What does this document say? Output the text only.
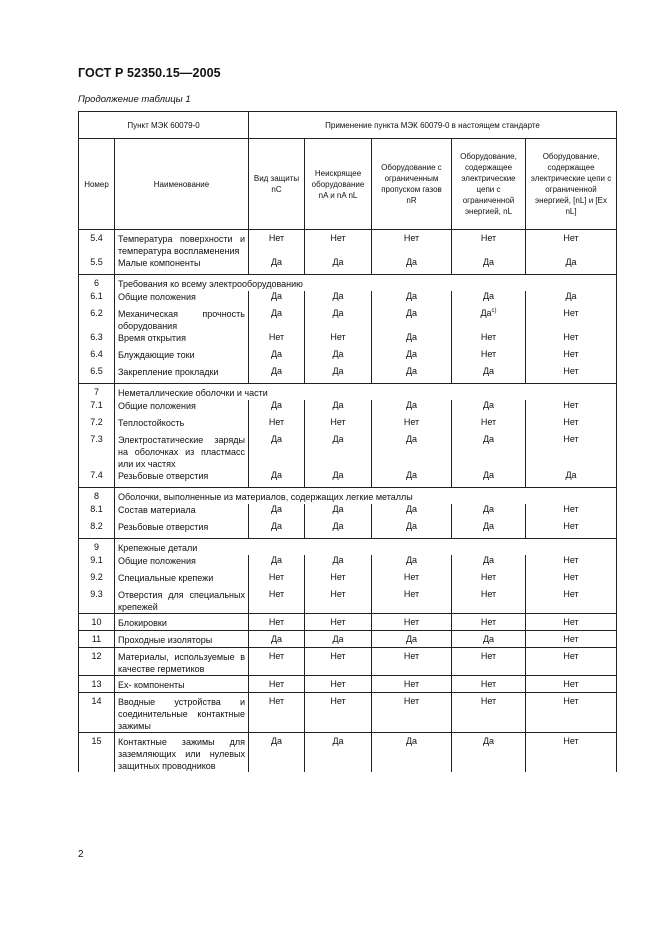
ГОСТ Р 52350.15—2005
Продолжение таблицы 1
Пункт МЭК 60079-0		Применение пункта МЭК 60079-0 в настоящем стандарте				
Номер	Наименование	Вид защиты nC	Неискрящее оборудование nA и nA nL	Оборудование с ограниченным пропуском газов nR	Оборудование, содержащее электрические цепи с ограниченной энергией, nL	Оборудование, содержащее электрические цепи с ограниченной энергией, [nL] и [Ex nL]
5.4	Температура поверхности и температура воспламенения	Нет	Нет	Нет	Нет	Нет
5.5	Малые компоненты	Да	Да	Да	Да	Да
6	Требования ко всему электрооборудованию					
6.1	Общие положения	Да	Да	Да	Да	Да
6.2	Механическая прочность оборудования	Да	Да	Да	$Да^{c)}$	Нет
6.3	Время открытия	Нет	Нет	Да	Нет	Нет
6.4	Блуждающие токи	Да	Да	Да	Нет	Нет
6.5	Закрепление прокладки	Да	Да	Да	Да	Нет
7	Неметаллические оболочки и части					
7.1	Общие положения	Да	Да	Да	Да	Нет
7.2	Теплостойкость	Нет	Нет	Нет	Нет	Нет
7.3	Электростатические заряды на оболочках из пластмасс или их частях	Да	Да	Да	Да	Нет
7.4	Резьбовые отверстия	Да	Да	Да	Да	Да
8	Оболочки, выполненные из материалов, содержащих легкие металлы					
8.1	Состав материала	Да	Да	Да	Да	Нет
8.2	Резьбовые отверстия	Да	Да	Да	Да	Нет
9	Крепежные детали					
9.1	Общие положения	Да	Да	Да	Да	Нет
9.2	Специальные крепежи	Нет	Нет	Нет	Нет	Нет
9.3	Отверстия для специальных крепежей	Нет	Нет	Нет	Нет	Нет
10	Блокировки	Нет	Нет	Нет	Нет	Нет
11	Проходные изоляторы	Да	Да	Да	Да	Нет
12	Материалы, используемые в качестве герметиков	Нет	Нет	Нет	Нет	Нет
13	Ex- компоненты	Нет	Нет	Нет	Нет	Нет
14	Вводные устройства и соединительные контактные зажимы	Нет	Нет	Нет	Нет	Нет
15	Контактные зажимы для заземляющих или нулевых защитных проводников	Да	Да	Да	Да	Нет
2
